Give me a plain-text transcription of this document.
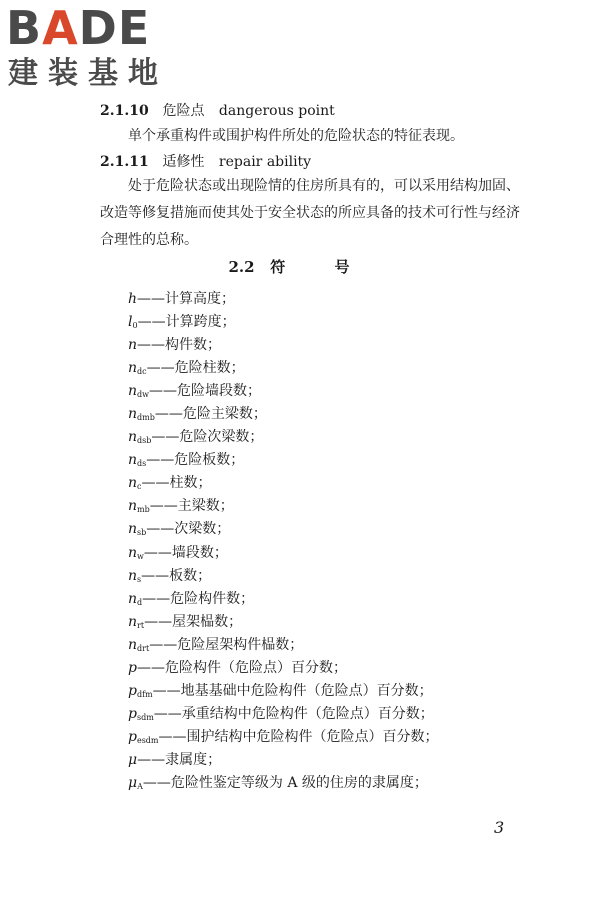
BADE
建装基地
2.1.10 危险点 dangerous point
单个承重构件或围护构件所处的危险状态的特征表现。
2.1.11 适修性 repair ability
处于危险状态或出现险情的住房所具有的，可以采用结构加固、改造等修复措施而使其处于安全状态的所应具备的技术可行性与经济合理性的总称。
2.2 符 号
h——计算高度；
$l_0——$计算跨度；
n——构件数；
$n_{dc}——$危险柱数；
$n_{dw}——$危险墙段数；
$n_{dmb}——$危险主梁数；
$n_{dsb}——$危险次梁数；
$n_{ds}——$危险板数；
$n_c——$柱数；
$n_{mb}——$主梁数；
$n_{sb}——$次梁数；
$n_w——$墙段数；
$n_s——$板数；
$n_d——$危险构件数；
$n_{rt}——$屋架榀数；
$n_{drt}——$危险屋架构件榀数；
p——危险构件（危险点）百分数；
$p_{dfm}——$地基基础中危险构件（危险点）百分数；
$p_{sdm}——$承重结构中危险构件（危险点）百分数；
$p_{esdm}——$围护结构中危险构件（危险点）百分数；
μ——隶属度；
$\mu_A——$危险性鉴定等级为 A 级的住房的隶属度；
3
